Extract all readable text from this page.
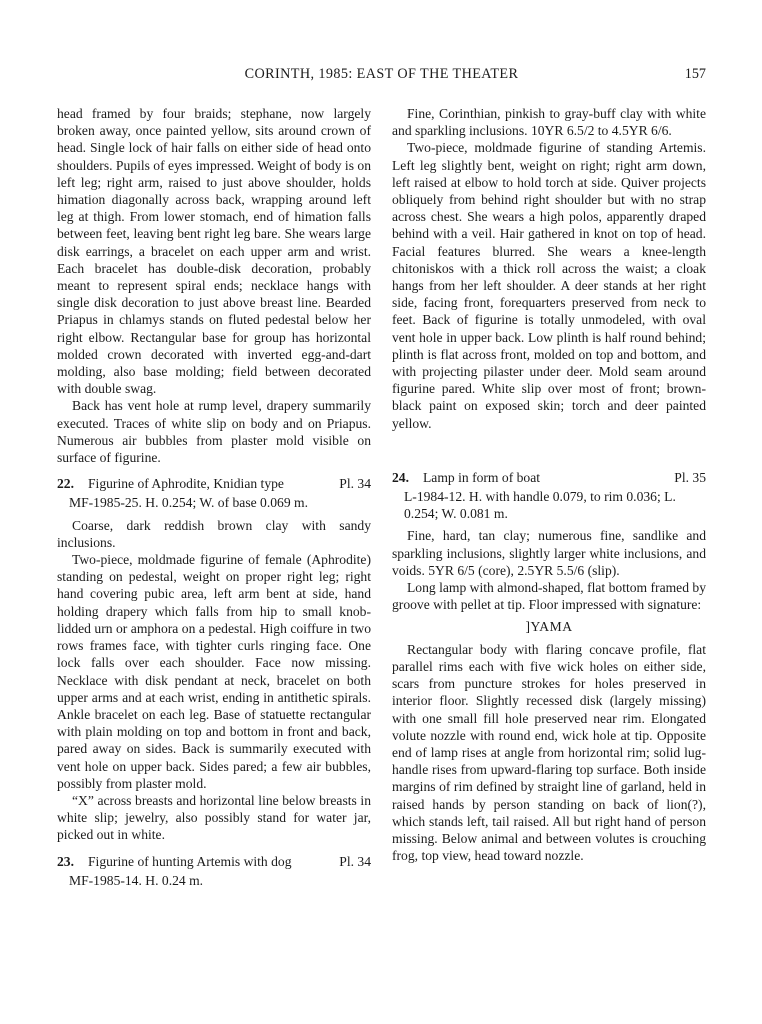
CORINTH, 1985: EAST OF THE THEATER	157

head framed by four braids; stephane, now largely broken away, once painted yellow, sits around crown of head. Single lock of hair falls on either side of head onto shoulders. Pupils of eyes impressed. Weight of body is on left leg; right arm, raised to just above shoulder, holds himation diagonally across back, wrapping around left leg at thigh. From lower stomach, end of himation falls between feet, leaving bent right leg bare. She wears large disk earrings, a bracelet on each upper arm and wrist. Each bracelet has double-disk decoration, probably meant to represent spiral ends; necklace hangs with single disk decoration to just above breast line. Bearded Priapus in chlamys stands on fluted pedestal below her right elbow. Rectangular base for group has horizontal molded crown decorated with inverted egg-and-dart molding, also base molding; field between decorated with double swag.

Back has vent hole at rump level, drapery summarily executed. Traces of white slip on body and on Priapus. Numerous air bubbles from plaster mold visible on surface of figurine.

22. Figurine of Aphrodite, Knidian type	Pl. 34

MF-1985-25. H. 0.254; W. of base 0.069 m.

Coarse, dark reddish brown clay with sandy inclusions.

Two-piece, moldmade figurine of female (Aphrodite) standing on pedestal, weight on proper right leg; right hand covering pubic area, left arm bent at side, hand holding drapery which falls from hip to small knob-lidded urn or amphora on a pedestal. High coiffure in two rows frames face, with tighter curls ringing face. One lock falls over each shoulder. Face now missing. Necklace with disk pendant at neck, bracelet on both upper arms and at each wrist, ending in antithetic spirals. Ankle bracelet on each leg. Base of statuette rectangular with plain molding on top and bottom in front and back, pared away on sides. Back is summarily executed with vent hole on upper back. Sides pared; a few air bubbles, possibly from plaster mold.

“X” across breasts and horizontal line below breasts in white slip; jewelry, also possibly stand for water jar, picked out in white.

23. Figurine of hunting Artemis with dog	Pl. 34

MF-1985-14. H. 0.24 m.

Fine, Corinthian, pinkish to gray-buff clay with white and sparkling inclusions. 10YR 6.5/2 to 4.5YR 6/6.

Two-piece, moldmade figurine of standing Artemis. Left leg slightly bent, weight on right; right arm down, left raised at elbow to hold torch at side. Quiver projects obliquely from behind right shoulder but with no strap across chest. She wears a high polos, apparently draped behind with a veil. Hair gathered in knot on top of head. Facial features blurred. She wears a knee-length chitoniskos with a thick roll across the waist; a cloak hangs from her left shoulder. A deer stands at her right side, facing front, forequarters preserved from neck to feet. Back of figurine is totally unmodeled, with oval vent hole in upper back. Low plinth is half round behind; plinth is flat across front, molded on top and bottom, and with projecting pilaster under deer. Mold seam around figurine pared. White slip over most of front; brown-black paint on exposed skin; torch and deer painted yellow.

24. Lamp in form of boat	Pl. 35

L-1984-12. H. with handle 0.079, to rim 0.036; L. 0.254; W. 0.081 m.

Fine, hard, tan clay; numerous fine, sandlike and sparkling inclusions, slightly larger white inclusions, and voids. 5YR 6/5 (core), 2.5YR 5.5/6 (slip).

Long lamp with almond-shaped, flat bottom framed by groove with pellet at tip. Floor impressed with signature:

]YAMA

Rectangular body with flaring concave profile, flat parallel rims each with five wick holes on either side, scars from puncture strokes for holes preserved in interior floor. Slightly recessed disk (largely missing) with one small fill hole preserved near rim. Elongated volute nozzle with round end, wick hole at tip. Opposite end of lamp rises at angle from horizontal rim; solid lug-handle rises from upward-flaring top surface. Both inside margins of rim defined by straight line of garland, held in raised hands by person standing on back of lion(?), which stands left, tail raised. All but right hand of person missing. Below animal and between volutes is crouching frog, top view, head toward nozzle.
